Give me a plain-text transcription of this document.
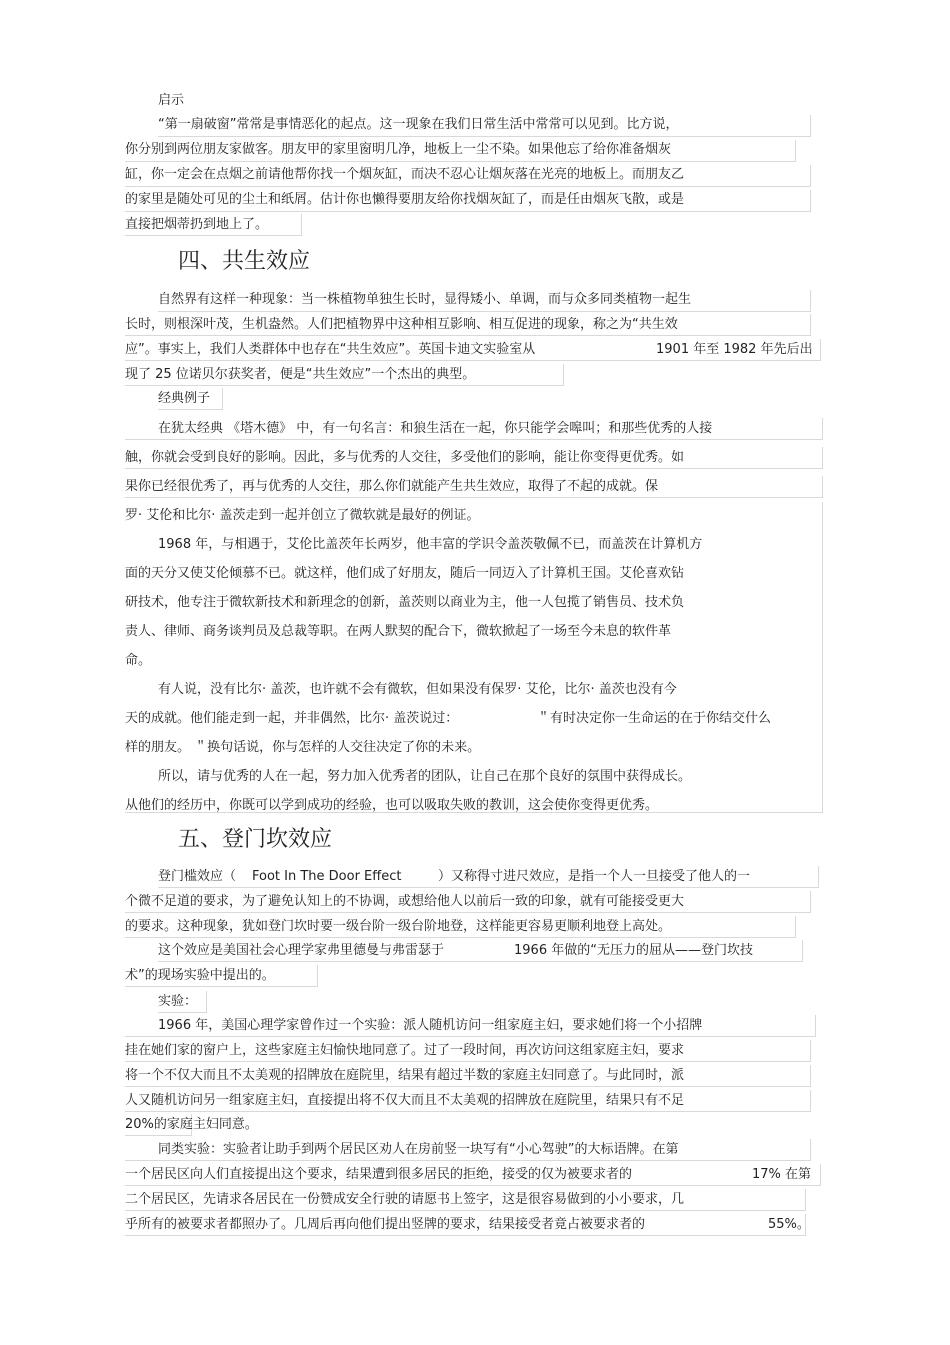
启示
“第一扇破窗”常常是事情恶化的起点。这一现象在我们日常生活中常常可以见到。比方说，
你分别到两位朋友家做客。朋友甲的家里窗明几净，地板上一尘不染。如果他忘了给你准备烟灰
缸，你一定会在点烟之前请他帮你找一个烟灰缸，而决不忍心让烟灰落在光亮的地板上。而朋友乙
的家里是随处可见的尘土和纸屑。估计你也懒得要朋友给你找烟灰缸了，而是任由烟灰飞散，或是
直接把烟蒂扔到地上了。
四、共生效应
自然界有这样一种现象：当一株植物单独生长时，显得矮小、单调，而与众多同类植物一起生
长时，则根深叶茂，生机盎然。人们把植物界中这种相互影响、相互促进的现象，称之为“共生效
应”。事实上，我们人类群体中也存在“共生效应”。英国卡迪文实验室从	1901 年至 1982 年先后出
现了 25 位诺贝尔获奖者，便是“共生效应”一个杰出的典型。
经典例子
在犹太经典 《塔木德》 中，有一句名言：和狼生活在一起，你只能学会嗥叫；和那些优秀的人接
触，你就会受到良好的影响。因此，多与优秀的人交往，多受他们的影响，能让你变得更优秀。如
果你已经很优秀了，再与优秀的人交往，那么你们就能产生共生效应，取得了不起的成就。保
罗· 艾伦和比尔· 盖茨走到一起并创立了微软就是最好的例证。
1968 年，与相遇于，艾伦比盖茨年长两岁，他丰富的学识令盖茨敬佩不已，而盖茨在计算机方
面的天分又使艾伦倾慕不已。就这样，他们成了好朋友，随后一同迈入了计算机王国。艾伦喜欢钻
研技术，他专注于微软新技术和新理念的创新，盖茨则以商业为主，他一人包揽了销售员、技术负
责人、律师、商务谈判员及总裁等职。在两人默契的配合下，微软掀起了一场至今未息的软件革
命。
有人说，没有比尔· 盖茨，也许就不会有微软，但如果没有保罗· 艾伦，比尔· 盖茨也没有今
天的成就。他们能走到一起，并非偶然，比尔· 盖茨说过：	＂有时决定你一生命运的在于你结交什么
样的朋友。 ＂换句话说，你与怎样的人交往决定了你的未来。
所以，请与优秀的人在一起，努力加入优秀者的团队，让自己在那个良好的氛围中获得成长。
从他们的经历中，你既可以学到成功的经验，也可以吸取失败的教训，这会使你变得更优秀。
五、登门坎效应
登门槛效应（ Foot In The Door Effect	）又称得寸进尺效应，是指一个人一旦接受了他人的一
个微不足道的要求，为了避免认知上的不协调，或想给他人以前后一致的印象，就有可能接受更大
的要求。这种现象，犹如登门坎时要一级台阶一级台阶地登，这样能更容易更顺利地登上高处。
这个效应是美国社会心理学家弗里德曼与弗雷瑟于	1966 年做的“无压力的屈从——登门坎技
术”的现场实验中提出的。
实验：
1966 年，美国心理学家曾作过一个实验：派人随机访问一组家庭主妇，要求她们将一个小招牌
挂在她们家的窗户上，这些家庭主妇愉快地同意了。过了一段时间，再次访问这组家庭主妇，要求
将一个不仅大而且不太美观的招牌放在庭院里，结果有超过半数的家庭主妇同意了。与此同时，派
人又随机访问另一组家庭主妇，直接提出将不仅大而且不太美观的招牌放在庭院里，结果只有不足
20%的家庭主妇同意。
同类实验：实验者让助手到两个居民区劝人在房前竖一块写有“小心驾驶”的大标语牌。在第
一个居民区向人们直接提出这个要求，结果遭到很多居民的拒绝，接受的仅为被要求者的	17% 在第
二个居民区，先请求各居民在一份赞成安全行驶的请愿书上签字，这是很容易做到的小小要求，几
乎所有的被要求者都照办了。几周后再向他们提出竖牌的要求，结果接受者竟占被要求者的	55%。
